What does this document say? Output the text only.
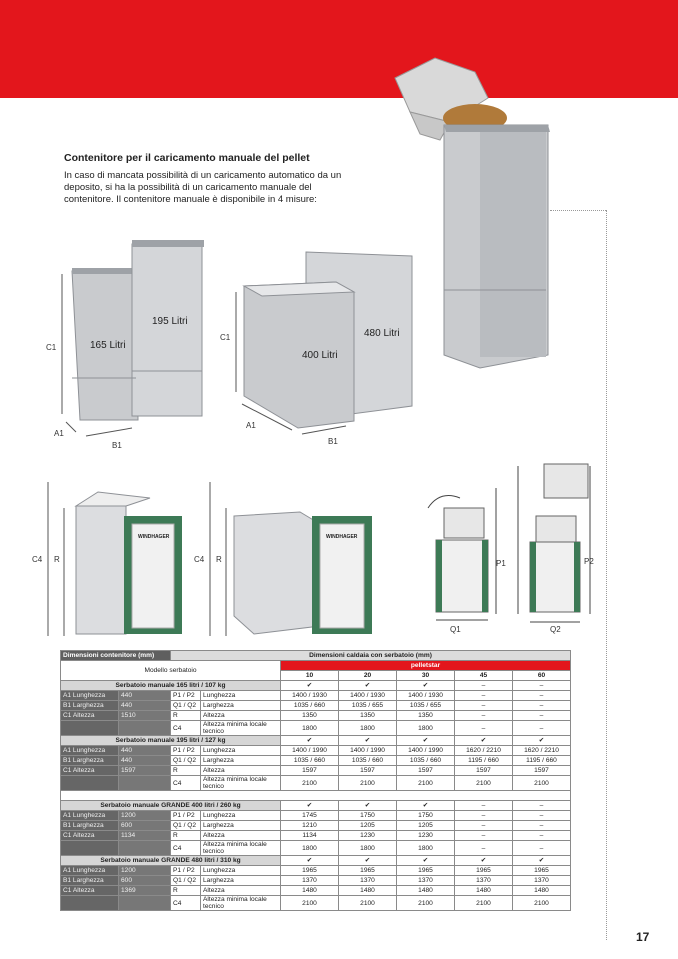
Contenitore per il caricamento manuale del pellet

In caso di mancata possibilità di un caricamento automatico da un deposito, si ha la possibilità di un caricamento manuale del contenitore. Il contenitore manuale è disponibile in 4 misure:

165 Litri
195 Litri
C1
A1
B1
400 Litri
480 Litri
C1
A1
B1
WINDHAGER
C4 R
WINDHAGER
C4 R	P1
Q1
P2
Q2
Dimensioni contenitore (mm)		Dimensioni caldaia con serbatoio (mm)						
Modello serbatoio				pelletstar				
				10	20	30	45	60
Serbatoio manuale 165 litri / 107 kg				✔	✔	✔	–	–
A1 Lunghezza	440	P1 / P2	Lunghezza	1400 / 1930	1400 / 1930	1400 / 1930	–	–
B1 Larghezza	440	Q1 / Q2	Larghezza	1035 / 660	1035 / 655	1035 / 655	–	–
C1 Altezza	1510	R	Altezza	1350	1350	1350	–	–
		C4	Altezza minima locale tecnico	1800	1800	1800	–	–
Serbatoio manuale 195 litri / 127 kg				✔	✔	✔	✔	✔
A1 Lunghezza	440	P1 / P2	Lunghezza	1400 / 1990	1400 / 1990	1400 / 1990	1620 / 2210	1620 / 2210
B1 Larghezza	440	Q1 / Q2	Larghezza	1035 / 660	1035 / 660	1035 / 660	1195 / 660	1195 / 660
C1 Altezza	1597	R	Altezza	1597	1597	1597	1597	1597
		C4	Altezza minima locale tecnico	2100	2100	2100	2100	2100

Serbatoio manuale GRANDE 400 litri / 260 kg				✔	✔	✔	–	–
A1 Lunghezza	1200	P1 / P2	Lunghezza	1745	1750	1750	–	–
B1 Larghezza	600	Q1 / Q2	Larghezza	1210	1205	1205	–	–
C1 Altezza	1134	R	Altezza	1134	1230	1230	–	–
		C4	Altezza minima locale tecnico	1800	1800	1800	–	–
Serbatoio manuale GRANDE 480 litri / 310 kg				✔	✔	✔	✔	✔
A1 Lunghezza	1200	P1 / P2	Lunghezza	1965	1965	1965	1965	1965
B1 Larghezza	600	Q1 / Q2	Larghezza	1370	1370	1370	1370	1370
C1 Altezza	1369	R	Altezza	1480	1480	1480	1480	1480
		C4	Altezza minima locale tecnico	2100	2100	2100	2100	2100
17
